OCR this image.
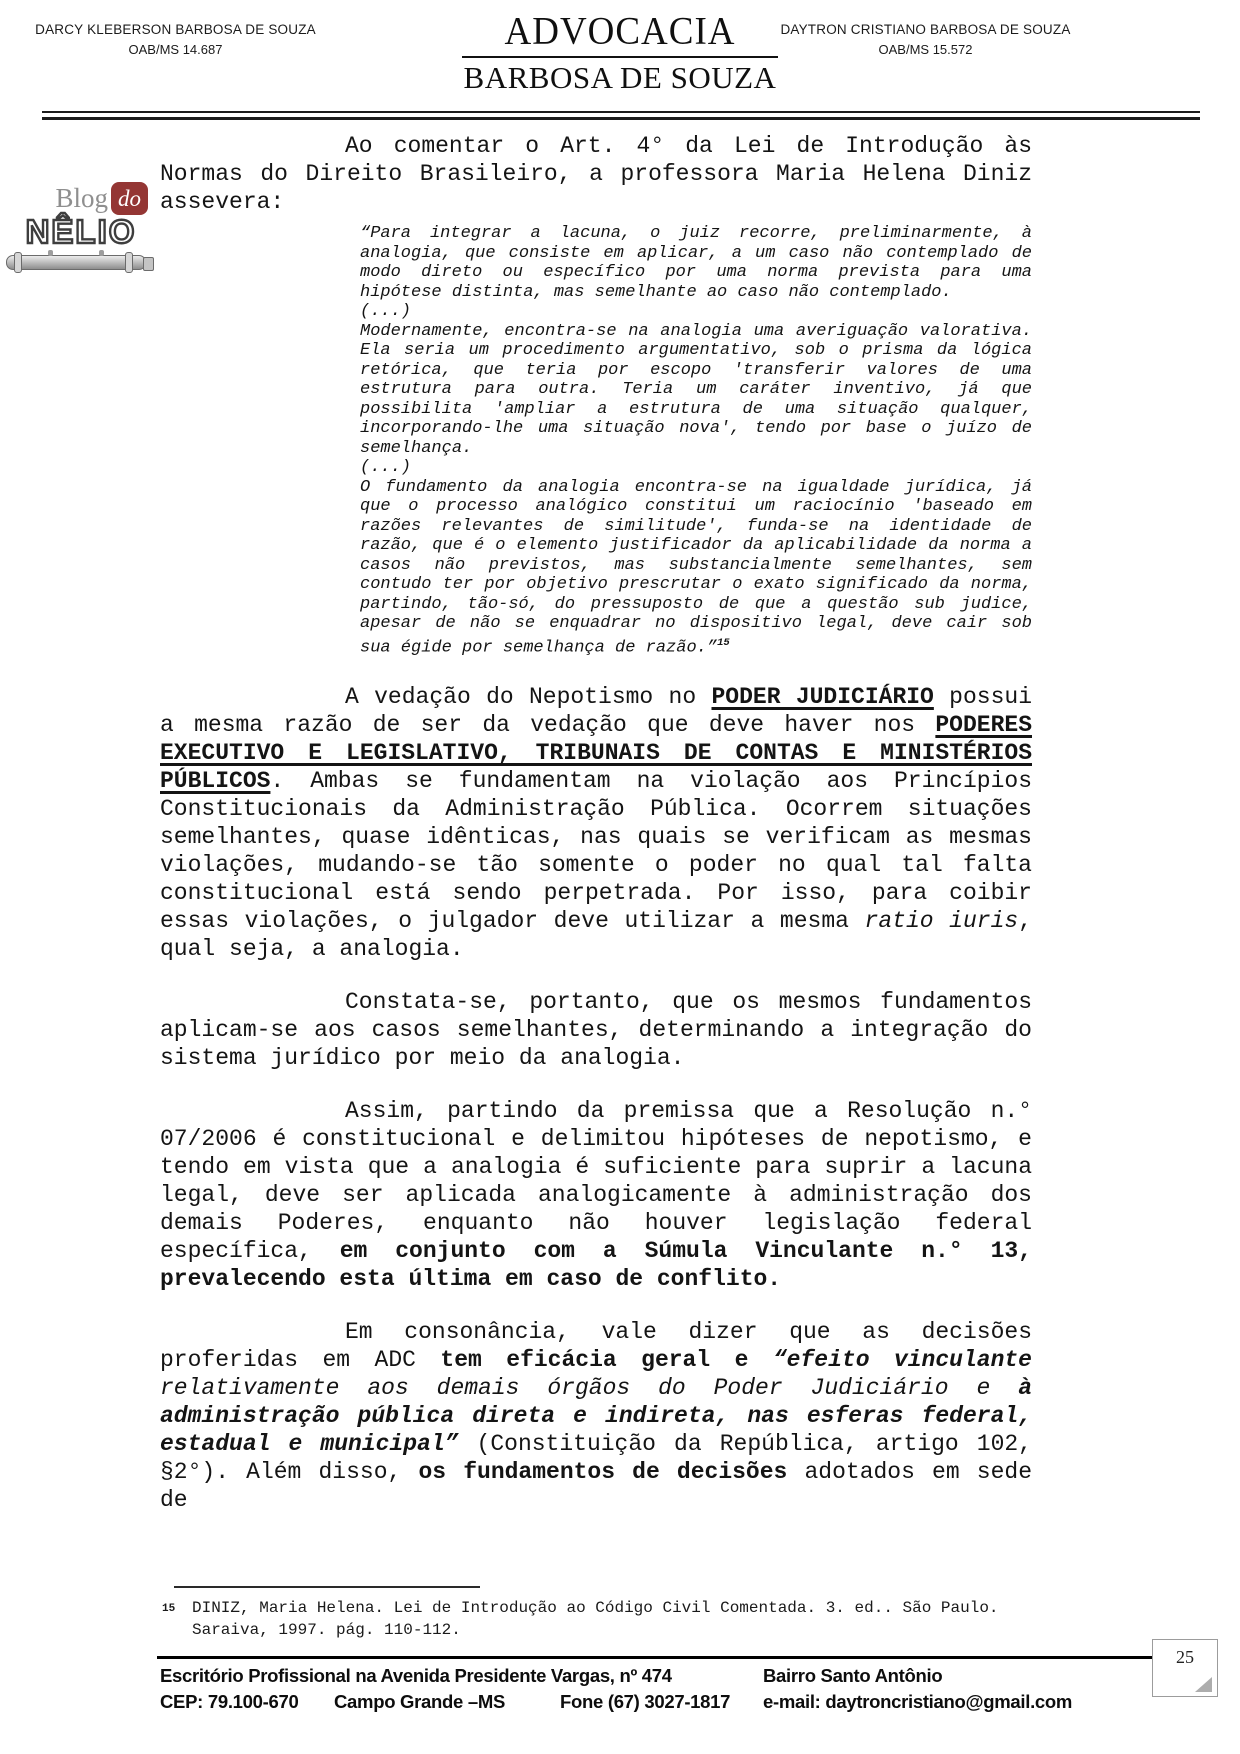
DARCY KLEBERSON BARBOSA DE SOUZA
OAB/MS 14.687	ADVOCACIA
BARBOSA DE SOUZA
DAYTRON CRISTIANO BARBOSA DE SOUZA
OAB/MS 15.572
Blog do
NÊLIO

Ao comentar o Art. 4° da Lei de Introdução às Normas do Direito Brasileiro, a professora Maria Helena Diniz assevera:

“Para integrar a lacuna, o juiz recorre, preliminarmente, à analogia, que consiste em aplicar, a um caso não contemplado de modo direto ou específico por uma norma prevista para uma hipótese distinta, mas semelhante ao caso não contemplado.

(...)

Modernamente, encontra-se na analogia uma averiguação valorativa. Ela seria um procedimento argumentativo, sob o prisma da lógica retórica, que teria por escopo 'transferir valores de uma estrutura para outra. Teria um caráter inventivo, já que possibilita 'ampliar a estrutura de uma situação qualquer, incorporando-lhe uma situação nova', tendo por base o juízo de semelhança.

(...)

O fundamento da analogia encontra-se na igualdade jurídica, já que o processo analógico constitui um raciocínio 'baseado em razões relevantes de similitude', funda-se na identidade de razão, que é o elemento justificador da aplicabilidade da norma a casos não previstos, mas substancialmente semelhantes, sem contudo ter por objetivo prescrutar o exato significado da norma, partindo, tão-só, do pressuposto de que a questão sub judice, apesar de não se enquadrar no dispositivo legal, deve cair sob sua égide por semelhança de razão.”$^{15}$

A vedação do Nepotismo no PODER JUDICIÁRIO possui a mesma razão de ser da vedação que deve haver nos PODERES EXECUTIVO E LEGISLATIVO, TRIBUNAIS DE CONTAS E MINISTÉRIOS PÚBLICOS. Ambas se fundamentam na violação aos Princípios Constitucionais da Administração Pública. Ocorrem situações semelhantes, quase idênticas, nas quais se verificam as mesmas violações, mudando-se tão somente o poder no qual tal falta constitucional está sendo perpetrada. Por isso, para coibir essas violações, o julgador deve utilizar a mesma ratio iuris, qual seja, a analogia.

Constata-se, portanto, que os mesmos fundamentos aplicam-se aos casos semelhantes, determinando a integração do sistema jurídico por meio da analogia.

Assim, partindo da premissa que a Resolução n.° 07/2006 é constitucional e delimitou hipóteses de nepotismo, e tendo em vista que a analogia é suficiente para suprir a lacuna legal, deve ser aplicada analogicamente à administração dos demais Poderes, enquanto não houver legislação federal específica, em conjunto com a Súmula Vinculante n.° 13, prevalecendo esta última em caso de conflito.

Em consonância, vale dizer que as decisões proferidas em ADC tem eficácia geral e “efeito vinculante relativamente aos demais órgãos do Poder Judiciário e à administração pública direta e indireta, nas esferas federal, estadual e municipal” (Constituição da República, artigo 102, §2°). Além disso, os fundamentos de decisões adotados em sede de

15	DINIZ, Maria Helena. Lei de Introdução ao Código Civil Comentada. 3. ed.. São Paulo. Saraiva, 1997. pág. 110-112.
Escritório Profissional na Avenida Presidente Vargas, nº 474	Bairro Santo Antônio
CEP: 79.100-670 Campo Grande –MS	Fone (67) 3027-1817 e-mail: daytroncristiano@gmail.com
25
